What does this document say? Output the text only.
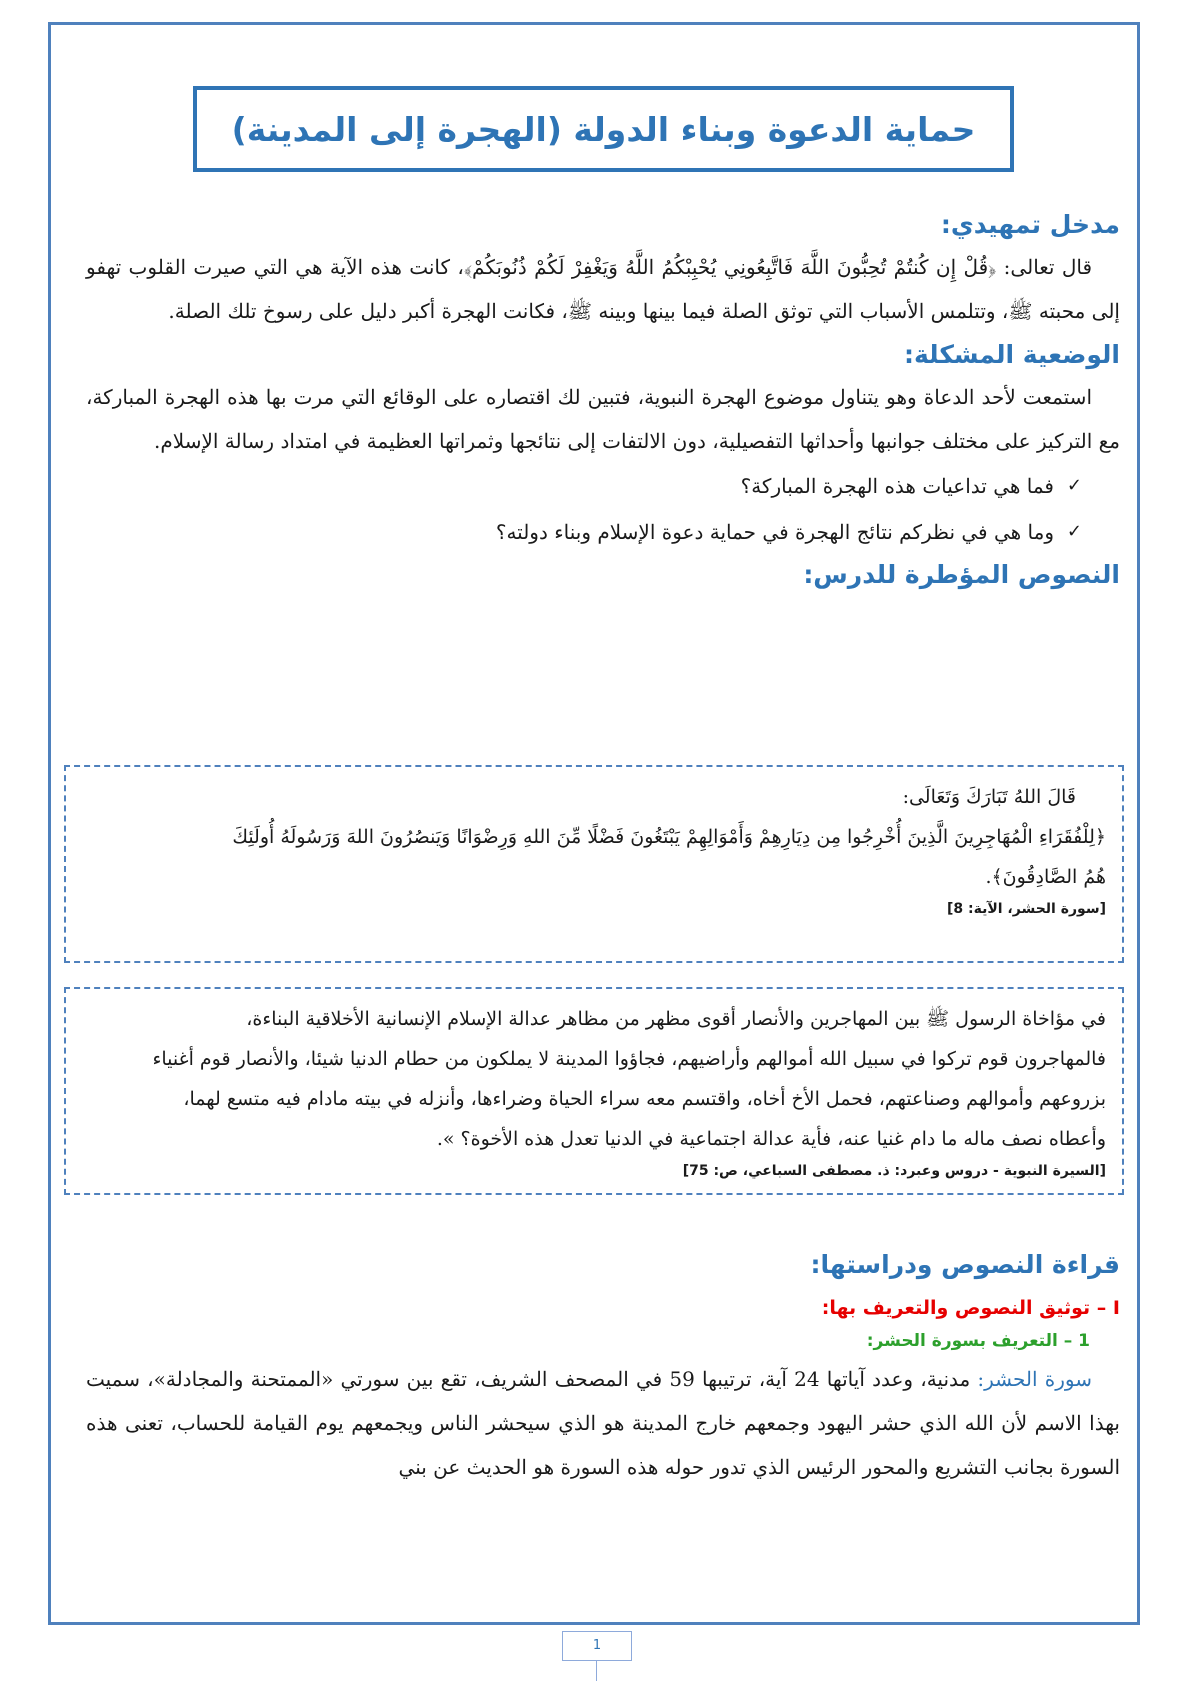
حماية الدعوة وبناء الدولة (الهجرة إلى المدينة)
مدخل تمهيدي:

قال تعالى: ﴿قُلْ إِن كُنتُمْ تُحِبُّونَ اللَّهَ فَاتَّبِعُونِي يُحْبِبْكُمُ اللَّهُ وَيَغْفِرْ لَكُمْ ذُنُوبَكُمْ﴾، كانت هذه الآية هي التي صيرت القلوب تهفو إلى محبته ﷺ، وتتلمس الأسباب التي توثق الصلة فيما بينها وبينه ﷺ، فكانت الهجرة أكبر دليل على رسوخ تلك الصلة.

الوضعية المشكلة:

استمعت لأحد الدعاة وهو يتناول موضوع الهجرة النبوية، فتبين لك اقتصاره على الوقائع التي مرت بها هذه الهجرة المباركة، مع التركيز على مختلف جوانبها وأحداثها التفصيلية، دون الالتفات إلى نتائجها وثمراتها العظيمة في امتداد رسالة الإسلام.

✓
فما هي تداعيات هذه الهجرة المباركة؟
✓
وما هي في نظركم نتائج الهجرة في حماية دعوة الإسلام وبناء دولته؟
النصوص المؤطرة للدرس:

قَالَ اللهُ تَبَارَكَ وَتَعَالَى:

﴿لِلْفُقَرَاءِ الْمُهَاجِرِينَ الَّذِينَ أُخْرِجُوا مِن دِيَارِهِمْ وَأَمْوَالِهِمْ يَبْتَغُونَ فَضْلًا مِّنَ اللهِ وَرِضْوَانًا وَيَنصُرُونَ اللهَ وَرَسُولَهُ أُولَئِكَ

هُمُ الصَّادِقُونَ﴾.

[سورة الحشر، الآية: 8]

في مؤاخاة الرسول ﷺ بين المهاجرين والأنصار أقوى مظهر من مظاهر عدالة الإسلام الإنسانية الأخلاقية البناءة،

فالمهاجرون قوم تركوا في سبيل الله أموالهم وأراضيهم، فجاؤوا المدينة لا يملكون من حطام الدنيا شيئا، والأنصار قوم أغنياء

بزروعهم وأموالهم وصناعتهم، فحمل الأخ أخاه، واقتسم معه سراء الحياة وضراءها، وأنزله في بيته مادام فيه متسع لهما،

وأعطاه نصف ماله ما دام غنيا عنه، فأية عدالة اجتماعية في الدنيا تعدل هذه الأخوة؟ ».

[السيرة النبوية - دروس وعبرد: ذ. مصطفى السباعي، ص: 75]

قراءة النصوص ودراستها:
I – توثيق النصوص والتعريف بها:
1 – التعريف بسورة الحشر:

سورة الحشر: مدنية، وعدد آياتها 24 آية، ترتيبها 59 في المصحف الشريف، تقع بين سورتي «الممتحنة والمجادلة»، سميت بهذا الاسم لأن الله الذي حشر اليهود وجمعهم خارج المدينة هو الذي سيحشر الناس ويجمعهم يوم القيامة للحساب، تعنى هذه السورة بجانب التشريع والمحور الرئيس الذي تدور حوله هذه السورة هو الحديث عن بني

1
